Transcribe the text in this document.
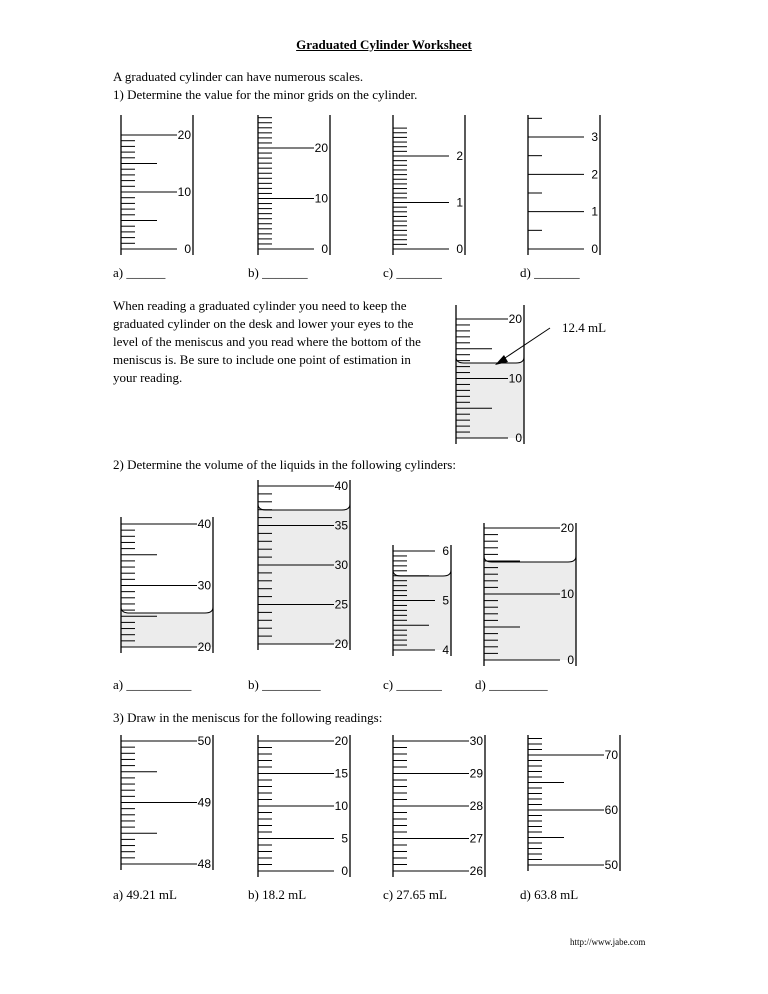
Graduated Cylinder Worksheet
A graduated cylinder can have numerous scales.
1) Determine the value for the minor grids on the cylinder.
0
10
20
0
10
20
0
1
2
0
1
2
3
a) ______	b) _______	c) _______	d) _______
When reading a graduated cylinder you need to keep the graduated cylinder on the desk and lower your eyes to the level of the meniscus and you read where the bottom of the meniscus is. Be sure to include one point of estimation in your reading.
0
10
20
12.4 mL
2) Determine the volume of the liquids in the following cylinders:
20
30
40
20
25
30
35
40
4
5
6
0
10
20
a) __________	b) _________	c) _______	d) _________
3) Draw in the meniscus for the following readings:
48
49
50
0
5
10
15
20
26
27
28
29
30
50
60
70
a) 49.21 mL	b) 18.2 mL	c) 27.65 mL	d) 63.8 mL
http://www.jabe.com
